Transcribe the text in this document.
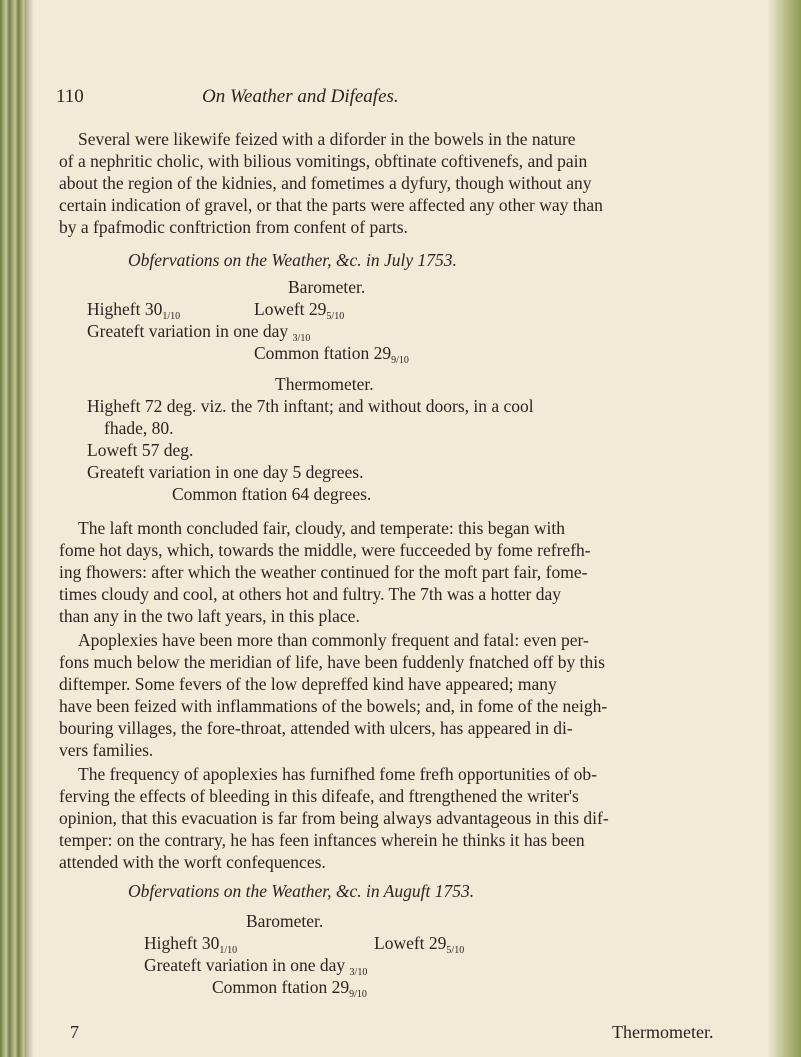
110	On Weather and Difeafes.
Several were likewife feized with a diforder in the bowels in the nature
of a nephritic cholic, with bilious vomitings, obftinate coftivenefs, and pain
about the region of the kidnies, and fometimes a dyfury, though without any
certain indication of gravel, or that the parts were affected any other way than
by a fpafmodic conftriction from confent of parts.
Obfervations on the Weather, &c. in July 1753.
Barometer.
Higheft $30_{1/10}$	Loweft $29_{5/10}$
Greateft variation in one day $_{3/10}$
Common ftation $29_{9/10}$
Thermometer.
Higheft 72 deg. viz. the 7th inftant; and without doors, in a cool
fhade, 80.
Loweft 57 deg.
Greateft variation in one day 5 degrees.
Common ftation 64 degrees.
The laft month concluded fair, cloudy, and temperate: this began with
fome hot days, which, towards the middle, were fucceeded by fome refrefh-
ing fhowers: after which the weather continued for the moft part fair, fome-
times cloudy and cool, at others hot and fultry. The 7th was a hotter day
than any in the two laft years, in this place.
Apoplexies have been more than commonly frequent and fatal: even per-
fons much below the meridian of life, have been fuddenly fnatched off by this
diftemper. Some fevers of the low depreffed kind have appeared; many
have been feized with inflammations of the bowels; and, in fome of the neigh-
bouring villages, the fore-throat, attended with ulcers, has appeared in di-
vers families.
The frequency of apoplexies has furnifhed fome frefh opportunities of ob-
ferving the effects of bleeding in this difeafe, and ftrengthened the writer's
opinion, that this evacuation is far from being always advantageous in this dif-
temper: on the contrary, he has feen inftances wherein he thinks it has been
attended with the worft confequences.
Obfervations on the Weather, &c. in Auguft 1753.
Barometer.
Higheft $30_{1/10}$	Loweft $29_{5/10}$
Greateft variation in one day $_{3/10}$
Common ftation $29_{9/10}$
7	Thermometer.
